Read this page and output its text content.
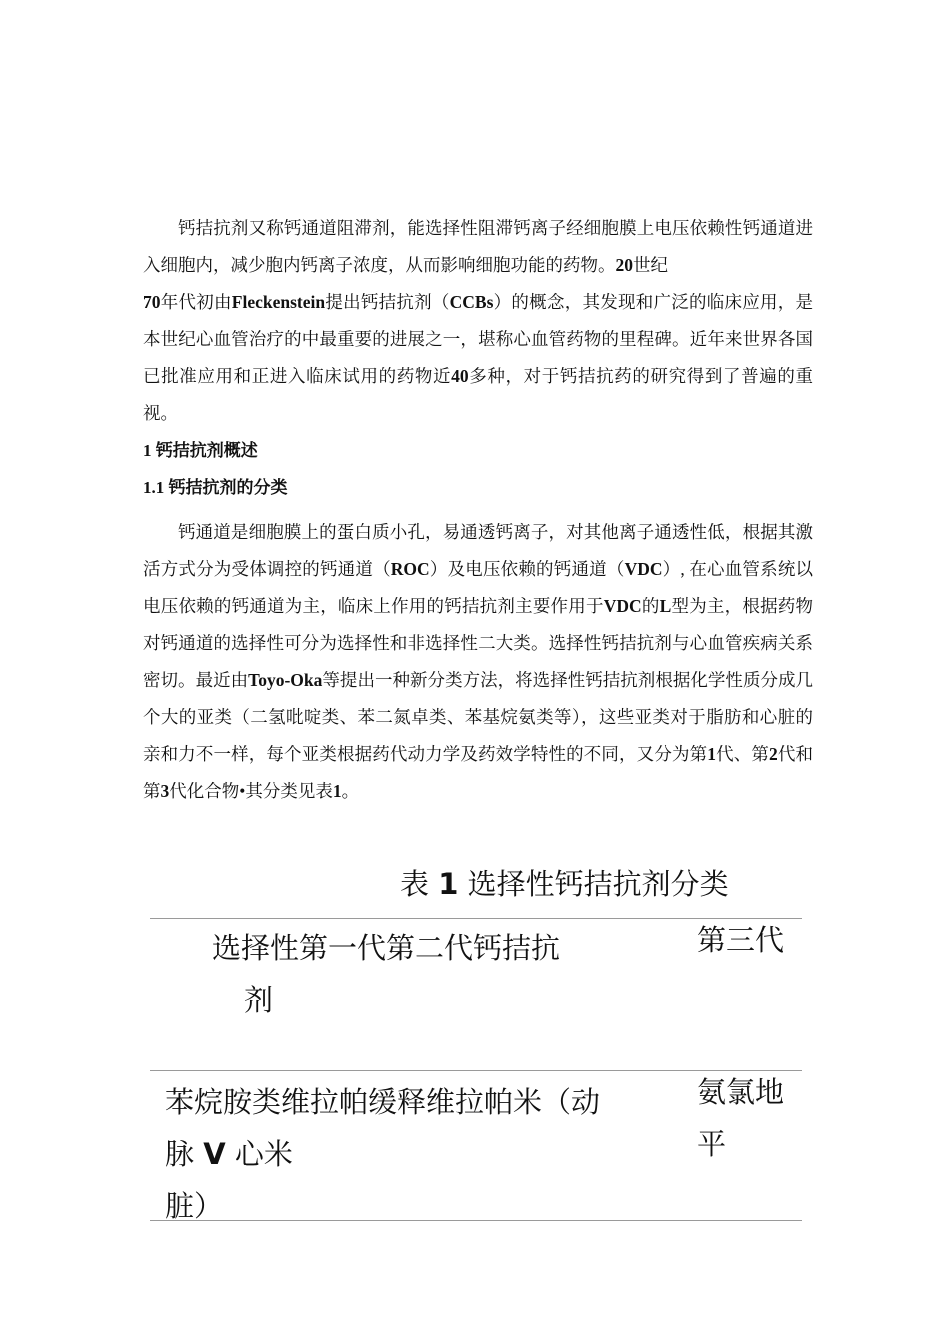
钙拮抗剂又称钙通道阻滞剂，能选择性阻滞钙离子经细胞膜上电压依赖性钙通道进入细胞内，减少胞内钙离子浓度，从而影响细胞功能的药物。20世纪
70年代初由Fleckenstein提出钙拮抗剂（CCBs）的概念，其发现和广泛的临床应用，是本世纪心血管治疗的中最重要的进展之一，堪称心血管药物的里程碑。近年来世界各国已批准应用和正进入临床试用的药物近40多种，对于钙拮抗药的研究得到了普遍的重视。

1 钙拮抗剂概述

1.1 钙拮抗剂的分类

钙通道是细胞膜上的蛋白质小孔，易通透钙离子，对其他离子通透性低，根据其激活方式分为受体调控的钙通道（ROC）及电压依赖的钙通道（VDC）, 在心血管系统以电压依赖的钙通道为主，临床上作用的钙拮抗剂主要作用于VDC的L型为主，根据药物对钙通道的选择性可分为选择性和非选择性二大类。选择性钙拮抗剂与心血管疾病关系密切。最近由Toyo-Oka等提出一种新分类方法，将选择性钙拮抗剂根据化学性质分成几个大的亚类（二氢吡啶类、苯二氮卓类、苯基烷氨类等），这些亚类对于脂肪和心脏的亲和力不一样，每个亚类根据药代动力学及药效学特性的不同，又分为第1代、第2代和第3代化合物•其分类见表1。

表 1 选择性钙拮抗剂分类
选择性第一代第二代钙拮抗
剂
第三代
苯烷胺类维拉帕缓释维拉帕米（动
脉 V 心米
脏）
氨氯地
平
